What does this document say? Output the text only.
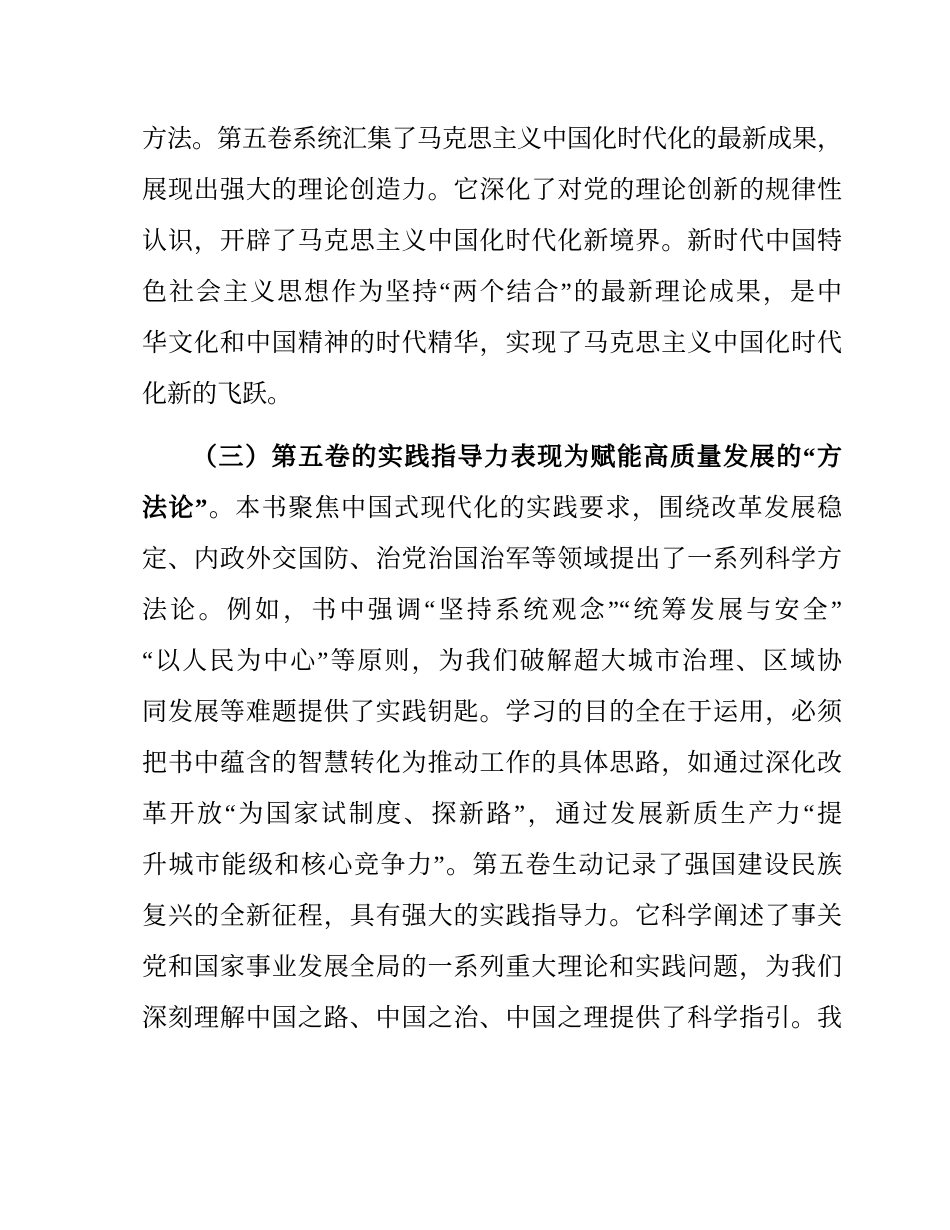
方法。第五卷系统汇集了马克思主义中国化时代化的最新成果，
展现出强大的理论创造力。它深化了对党的理论创新的规律性
认识，开辟了马克思主义中国化时代化新境界。新时代中国特
色社会主义思想作为坚持“两个结合”的最新理论成果，是中
华文化和中国精神的时代精华，实现了马克思主义中国化时代
化新的飞跃。
（三）第五卷的实践指导力表现为赋能高质量发展的“方
法论”。本书聚焦中国式现代化的实践要求，围绕改革发展稳
定、内政外交国防、治党治国治军等领域提出了一系列科学方
法论。例如，书中强调“坚持系统观念”“统筹发展与安全”
“以人民为中心”等原则，为我们破解超大城市治理、区域协
同发展等难题提供了实践钥匙。学习的目的全在于运用，必须
把书中蕴含的智慧转化为推动工作的具体思路，如通过深化改
革开放“为国家试制度、探新路”，通过发展新质生产力“提
升城市能级和核心竞争力”。第五卷生动记录了强国建设民族
复兴的全新征程，具有强大的实践指导力。它科学阐述了事关
党和国家事业发展全局的一系列重大理论和实践问题，为我们
深刻理解中国之路、中国之治、中国之理提供了科学指引。我
